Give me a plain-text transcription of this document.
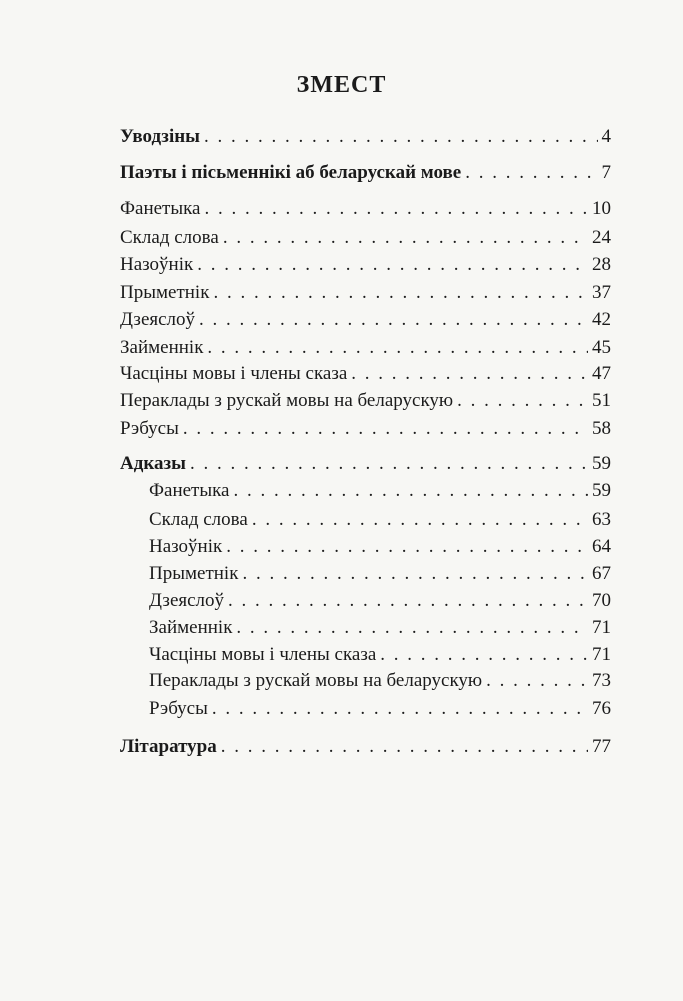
ЗМЕСТ
Уводзіны . . .	4
Паэты і пісьменнікі аб беларускай мове . . .	7
Фанетыка . . .	10
Склад слова . . .	24
Назоўнік . . .	28
Прыметнік . . .	37
Дзеяслоў . . .	42
Займеннік . . .	45
Часціны мовы і члены сказа . . .	47
Пераклады з рускай мовы на беларускую . . .	51
Рэбусы . . .	58
Адказы . . .	59
Фанетыка . . .	59
Склад слова . . .	63
Назоўнік . . .	64
Прыметнік . . .	67
Дзеяслоў . . .	70
Займеннік . . .	71
Часціны мовы і члены сказа . . .	71
Пераклады з рускай мовы на беларускую . . .	73
Рэбусы . . .	76
Літаратура . . .	77
